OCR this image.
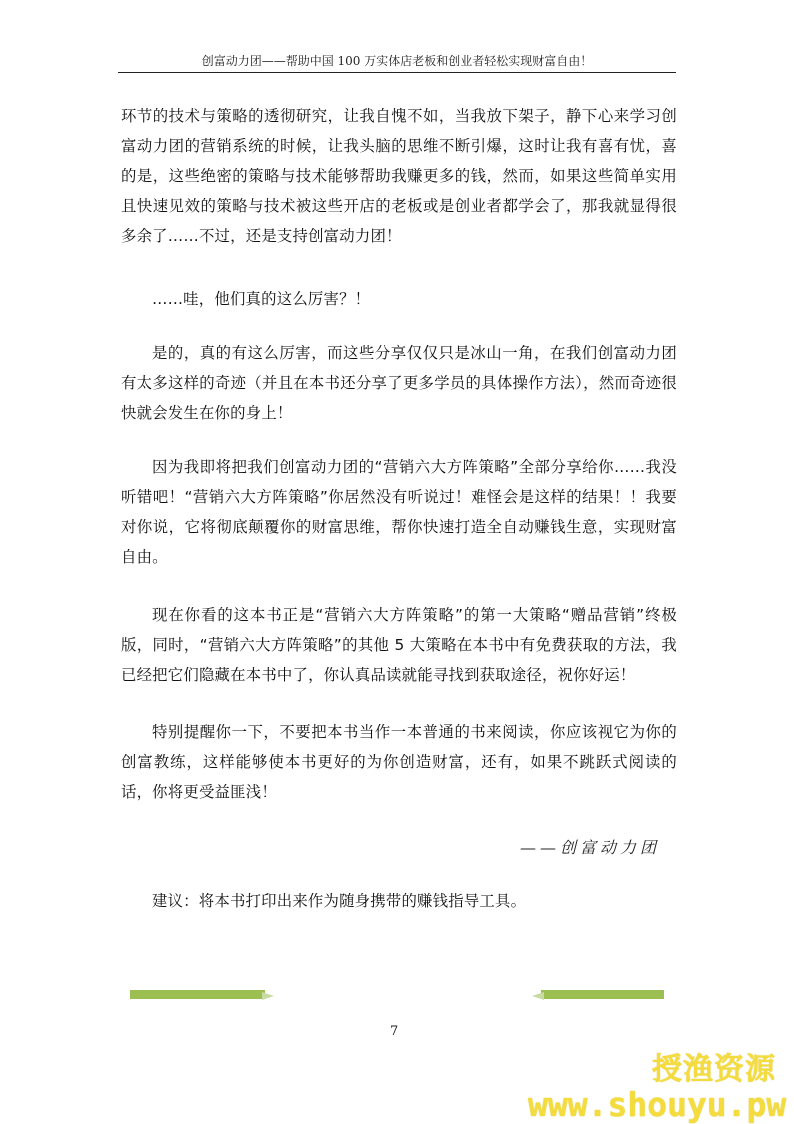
创富动力团——帮助中国 100 万实体店老板和创业者轻松实现财富自由！

环节的技术与策略的透彻研究，让我自愧不如，当我放下架子，静下心来学习创富动力团的营销系统的时候，让我头脑的思维不断引爆，这时让我有喜有忧，喜的是，这些绝密的策略与技术能够帮助我赚更多的钱，然而，如果这些简单实用且快速见效的策略与技术被这些开店的老板或是创业者都学会了，那我就显得很多余了……不过，还是支持创富动力团！

……哇，他们真的这么厉害？！

是的，真的有这么厉害，而这些分享仅仅只是冰山一角，在我们创富动力团有太多这样的奇迹（并且在本书还分享了更多学员的具体操作方法），然而奇迹很快就会发生在你的身上！

因为我即将把我们创富动力团的“营销六大方阵策略”全部分享给你……我没听错吧！“营销六大方阵策略”你居然没有听说过！难怪会是这样的结果！！我要对你说，它将彻底颠覆你的财富思维，帮你快速打造全自动赚钱生意，实现财富自由。

现在你看的这本书正是“营销六大方阵策略”的第一大策略“赠品营销”终极版，同时，“营销六大方阵策略”的其他 5 大策略在本书中有免费获取的方法，我已经把它们隐藏在本书中了，你认真品读就能寻找到获取途径，祝你好运！

特别提醒你一下，不要把本书当作一本普通的书来阅读，你应该视它为你的创富教练，这样能够使本书更好的为你创造财富，还有，如果不跳跃式阅读的话，你将更受益匪浅！

建议：将本书打印出来作为随身携带的赚钱指导工具。

——创富动力团
7
授渔资源
www.shouyu.pw
